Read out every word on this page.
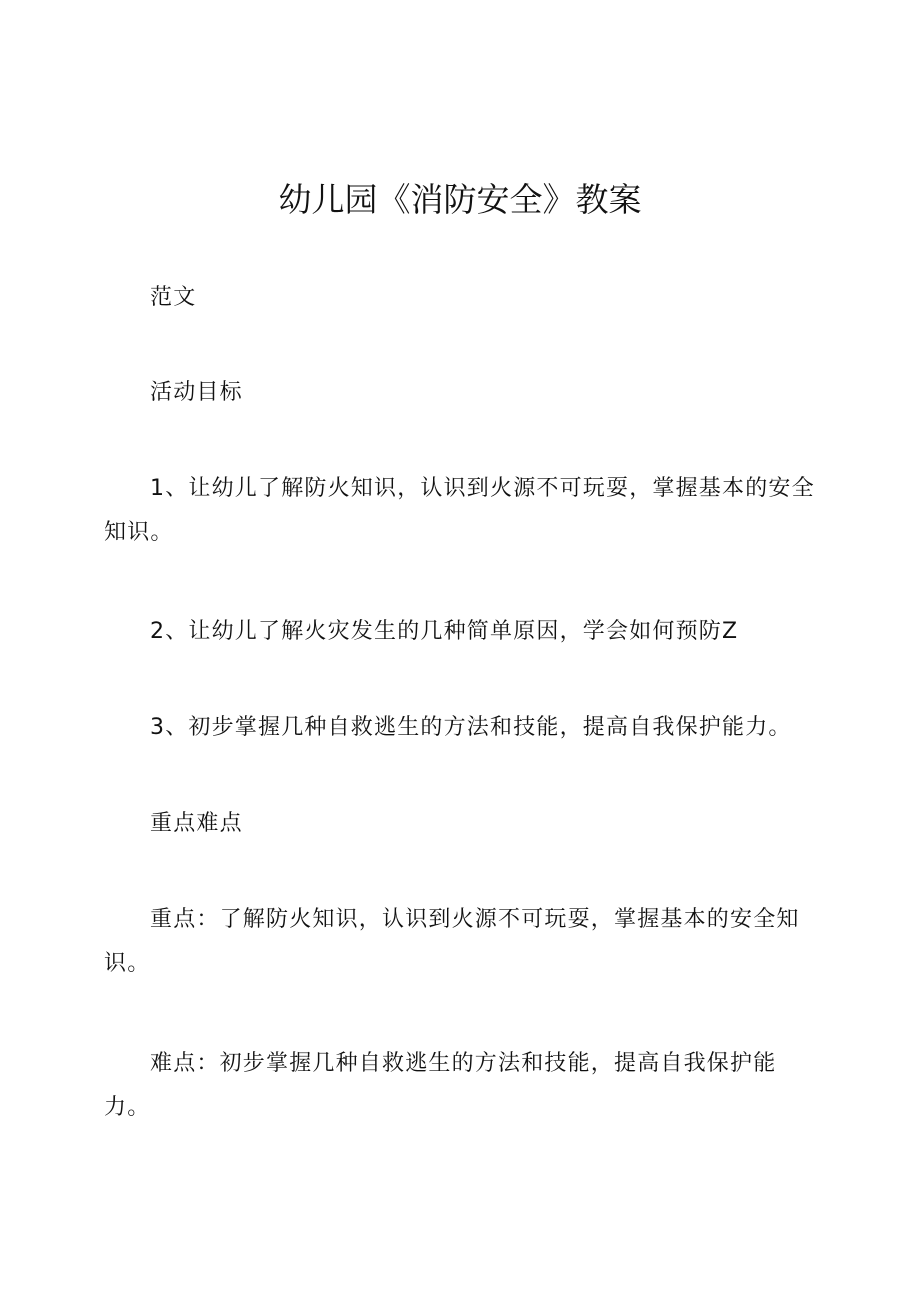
幼儿园《消防安全》教案

范文

活动目标

1、让幼儿了解防火知识，认识到火源不可玩耍，掌握基本的安全知识。

2、让幼儿了解火灾发生的几种简单原因，学会如何预防Z

3、初步掌握几种自救逃生的方法和技能，提高自我保护能力。

重点难点

重点：了解防火知识，认识到火源不可玩耍，掌握基本的安全知识。

难点：初步掌握几种自救逃生的方法和技能，提高自我保护能力。
